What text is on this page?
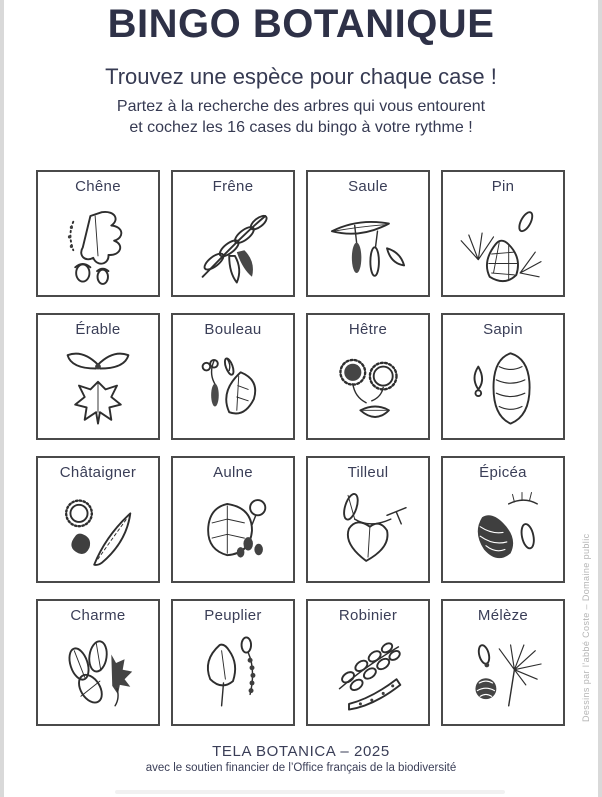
BINGO BOTANIQUE
Trouvez une espèce pour chaque case !
Partez à la recherche des arbres qui vous entourent
et cochez les 16 cases du bingo à votre rythme !
Chêne	Frêne	Saule	Pin
Érable	Bouleau	Hêtre	Sapin
Châtaigner	Aulne	Tilleul	Épicéa
Charme	Peuplier	Robinier	Mélèze
TELA BOTANICA – 2025
avec le soutien financier de l’Office français de la biodiversité
Dessins par l’abbé Coste – Domaine public
